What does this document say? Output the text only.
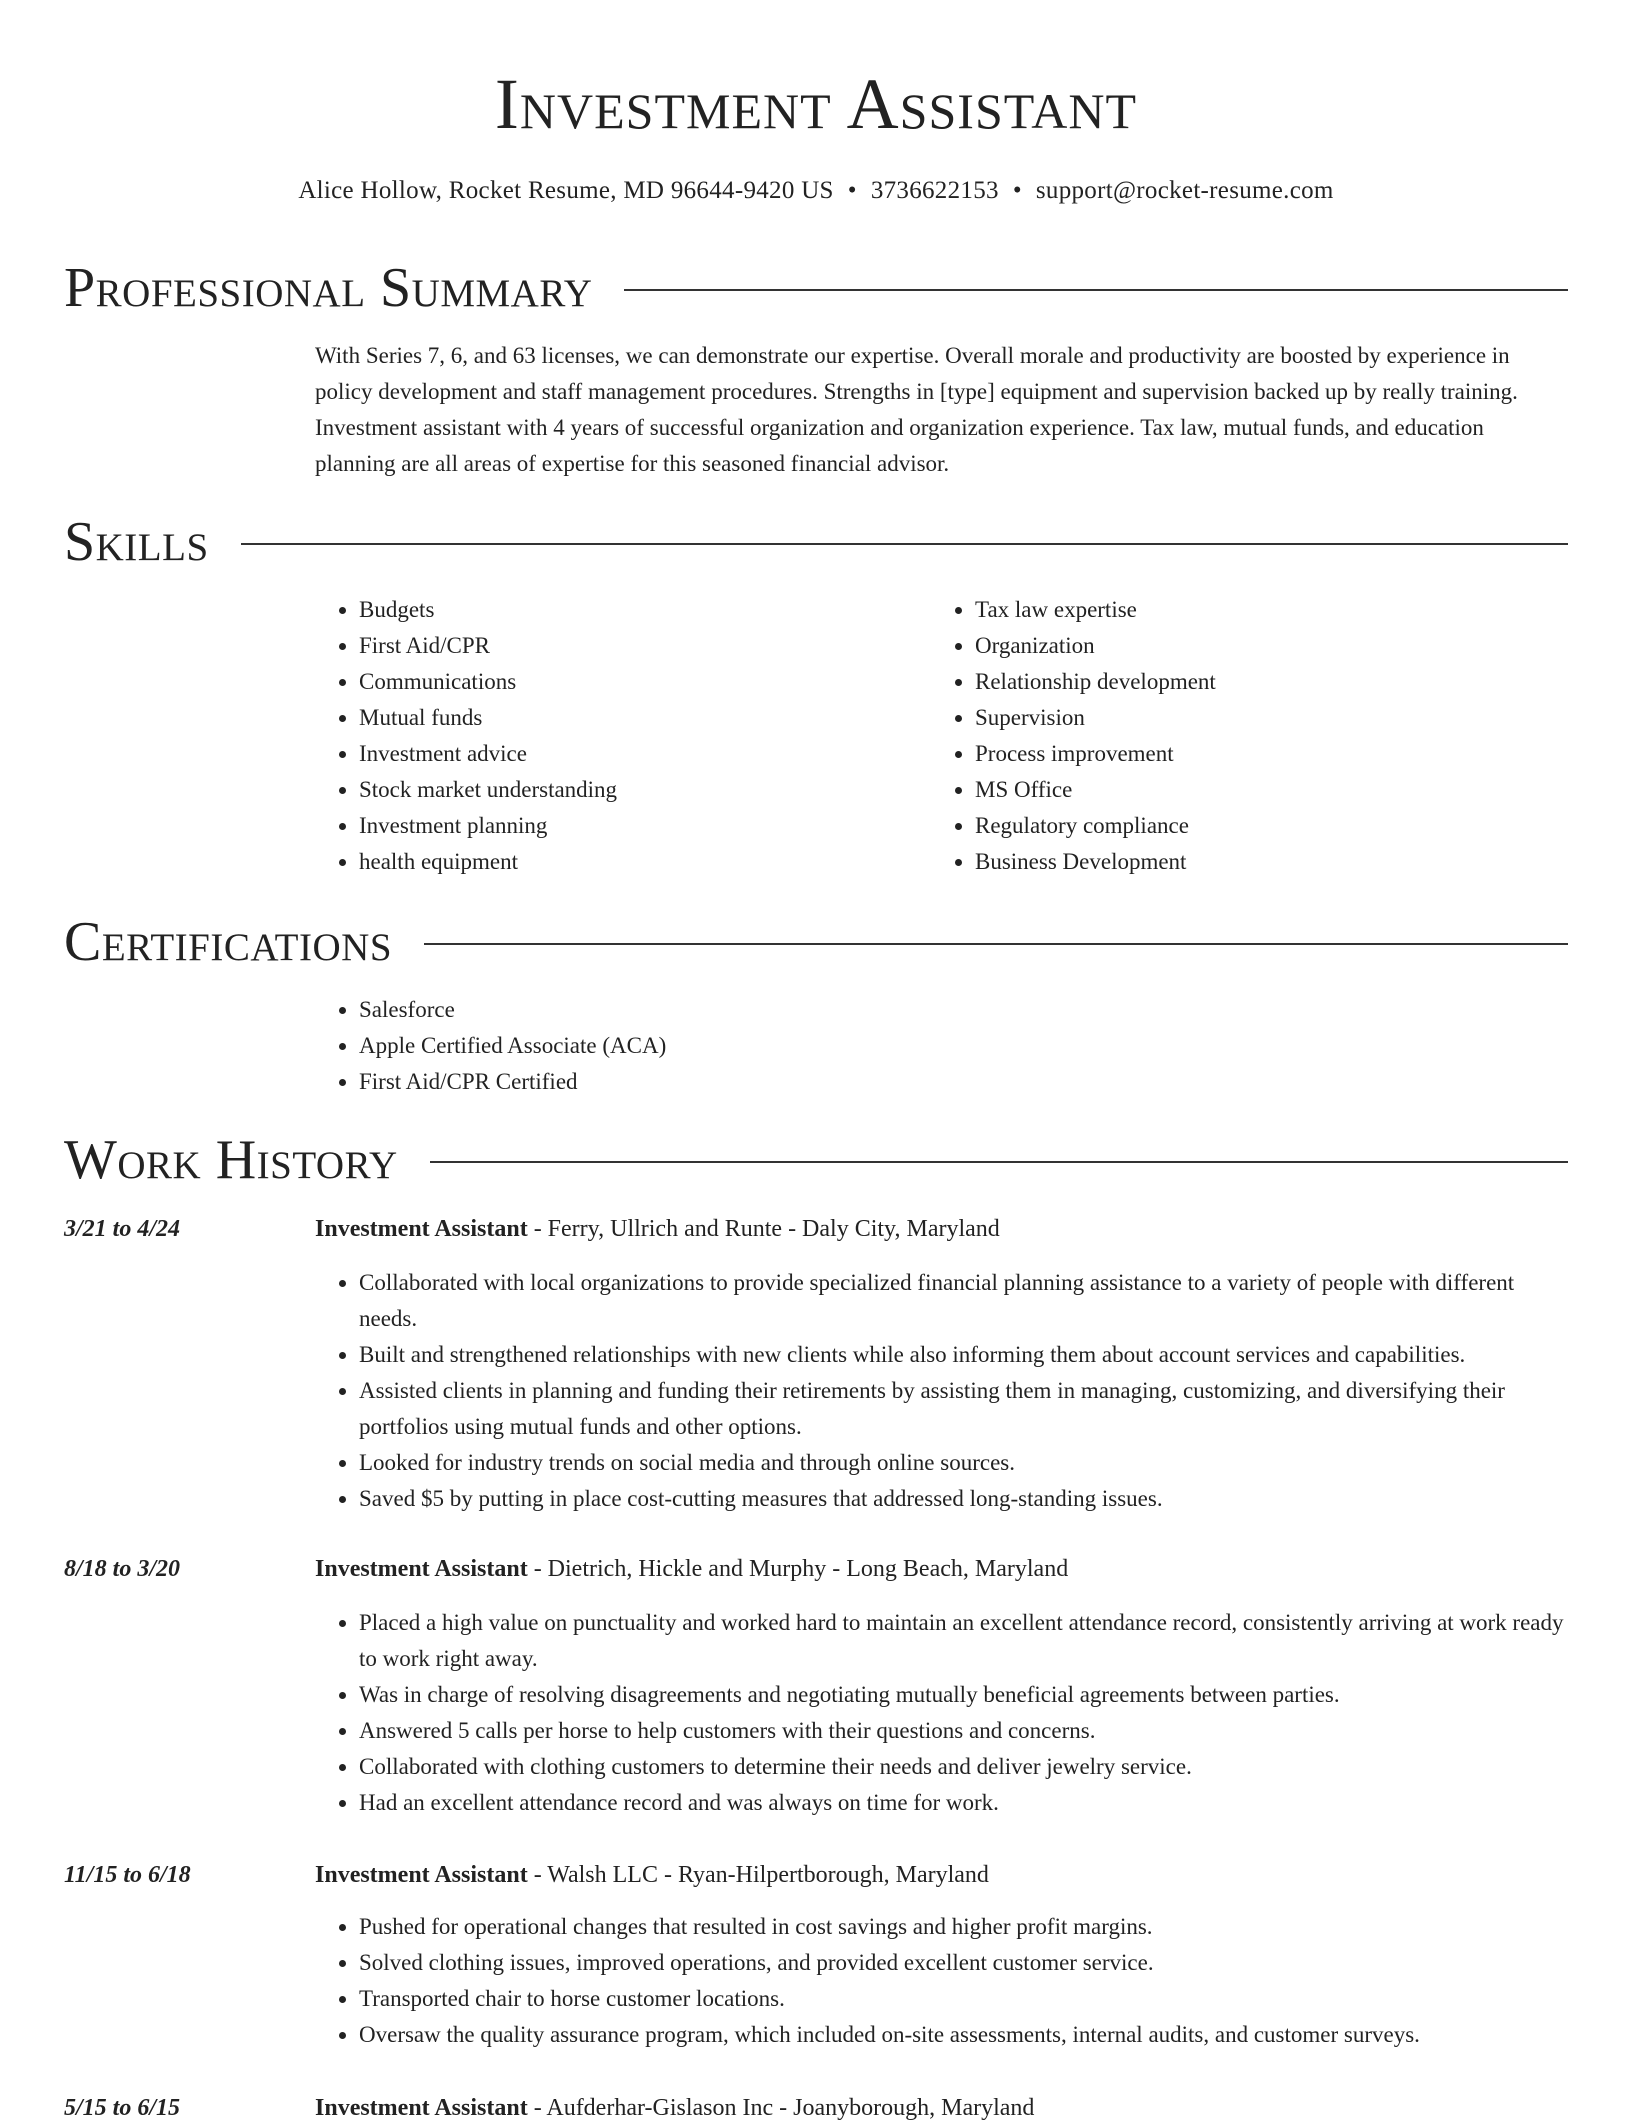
Investment Assistant
Alice Hollow, Rocket Resume, MD 96644-9420 US • 3736622153 • support@rocket-resume.com
Professional Summary

With Series 7, 6, and 63 licenses, we can demonstrate our expertise. Overall morale and productivity are boosted by experience in policy development and staff management procedures. Strengths in [type] equipment and supervision backed up by really training. Investment assistant with 4 years of successful organization and organization experience. Tax law, mutual funds, and education planning are all areas of expertise for this seasoned financial advisor.

Skills
• Budgets
• First Aid/CPR
• Communications
• Mutual funds
• Investment advice
• Stock market understanding
• Investment planning
• health equipment
• Tax law expertise
• Organization
• Relationship development
• Supervision
• Process improvement
• MS Office
• Regulatory compliance
• Business Development
Certifications
• Salesforce
• Apple Certified Associate (ACA)
• First Aid/CPR Certified
Work History
3/21 to 4/24	Investment Assistant - Ferry, Ullrich and Runte - Daly City, Maryland
• Collaborated with local organizations to provide specialized financial planning assistance to a variety of people with different needs.
• Built and strengthened relationships with new clients while also informing them about account services and capabilities.
• Assisted clients in planning and funding their retirements by assisting them in managing, customizing, and diversifying their portfolios using mutual funds and other options.
• Looked for industry trends on social media and through online sources.
• Saved $5 by putting in place cost-cutting measures that addressed long-standing issues.
8/18 to 3/20	Investment Assistant - Dietrich, Hickle and Murphy - Long Beach, Maryland
• Placed a high value on punctuality and worked hard to maintain an excellent attendance record, consistently arriving at work ready to work right away.
• Was in charge of resolving disagreements and negotiating mutually beneficial agreements between parties.
• Answered 5 calls per horse to help customers with their questions and concerns.
• Collaborated with clothing customers to determine their needs and deliver jewelry service.
• Had an excellent attendance record and was always on time for work.
11/15 to 6/18	Investment Assistant - Walsh LLC - Ryan-Hilpertborough, Maryland
• Pushed for operational changes that resulted in cost savings and higher profit margins.
• Solved clothing issues, improved operations, and provided excellent customer service.
• Transported chair to horse customer locations.
• Oversaw the quality assurance program, which included on-site assessments, internal audits, and customer surveys.
5/15 to 6/15	Investment Assistant - Aufderhar-Gislason Inc - Joanyborough, Maryland
